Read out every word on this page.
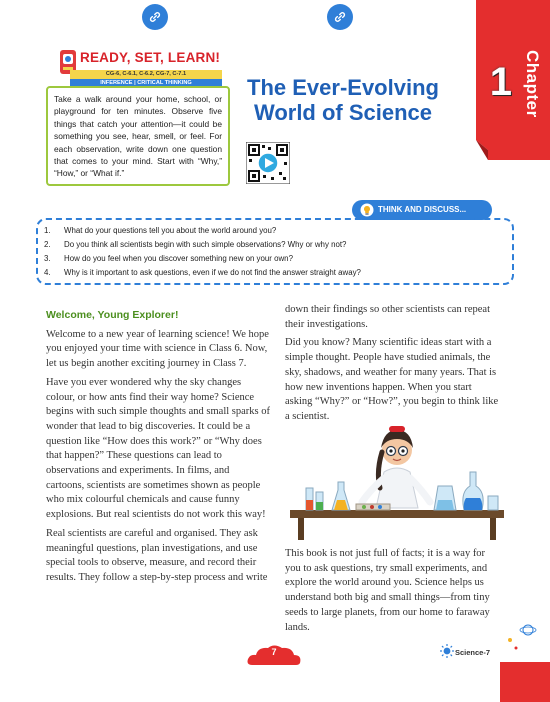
1 Chapter
READY, SET, LEARN!
CG-6, C-6.1, C-6.2, CG-7, C-7.1
INFERENCE | CRITICAL THINKING
Take a walk around your home, school, or playground for ten minutes. Observe five things that catch your attention—it could be something you see, hear, smell, or feel. For each observation, write down one question that comes to your mind. Start with “Why,” “How,” or “What if.”
The Ever-Evolving World of Science
THINK AND DISCUSS...
1.	What do your questions tell you about the world around you?
2.	Do you think all scientists begin with such simple observations? Why or why not?
3.	How do you feel when you discover something new on your own?
4.	Why is it important to ask questions, even if we do not find the answer straight away?
Welcome, Young Explorer!

Welcome to a new year of learning science! We hope you enjoyed your time with science in Class 6. Now, let us begin another exciting journey in Class 7.

Have you ever wondered why the sky changes colour, or how ants find their way home? Science begins with such simple thoughts and small sparks of wonder that lead to big discoveries. It could be a question like “How does this work?” or “Why does that happen?” These questions can lead to observations and experiments. In films, and cartoons, scientists are sometimes shown as people who mix colourful chemicals and cause funny explosions. But real scientists do not work this way!

Real scientists are careful and organised. They ask meaningful questions, plan investigations, and use special tools to observe, measure, and record their results. They follow a step-by-step process and write

down their findings so other scientists can repeat their investigations.

Did you know? Many scientific ideas start with a simple thought. People have studied animals, the sky, shadows, and weather for many years. That is how new inventions happen. When you start asking “Why?” or “How?”, you begin to think like a scientist.

This book is not just full of facts; it is a way for you to ask questions, try small experiments, and explore the world around you. Science helps us understand both big and small things—from tiny seeds to large planets, from our home to faraway lands.

7	Science-7
